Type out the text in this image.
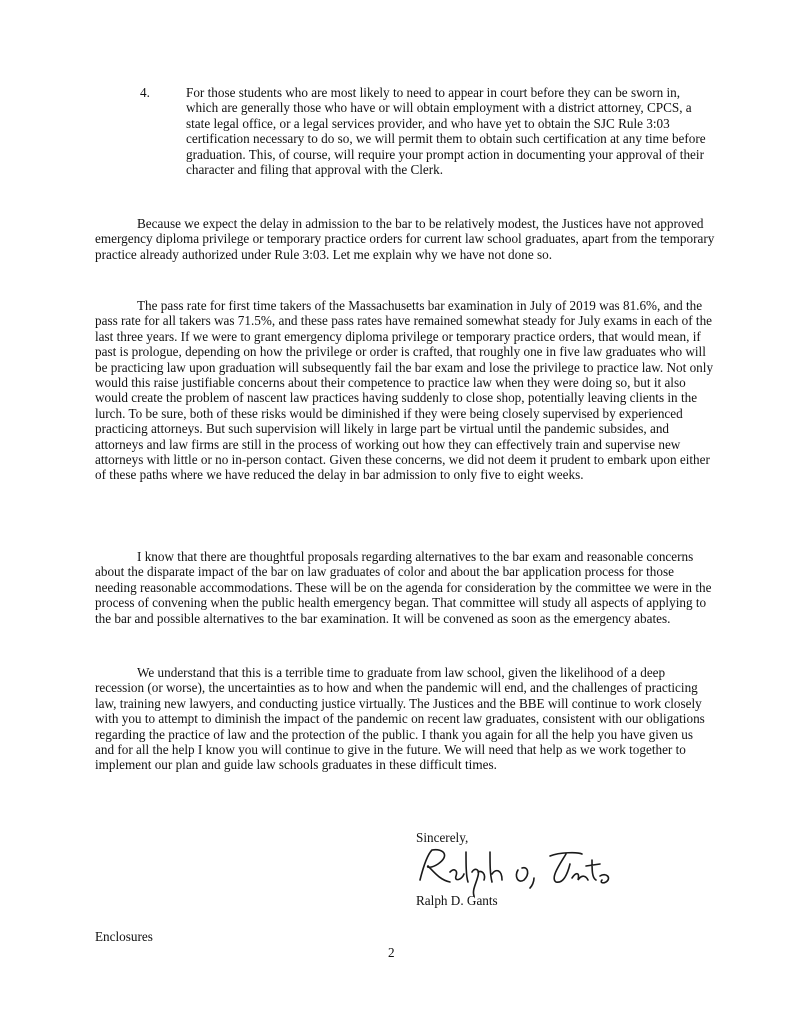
4.	For those students who are most likely to need to appear in court before they can be sworn in, which are generally those who have or will obtain employment with a district attorney, CPCS, a state legal office, or a legal services provider, and who have yet to obtain the SJC Rule 3:03 certification necessary to do so, we will permit them to obtain such certification at any time before graduation. This, of course, will require your prompt action in documenting your approval of their character and filing that approval with the Clerk.

Because we expect the delay in admission to the bar to be relatively modest, the Justices have not approved emergency diploma privilege or temporary practice orders for current law school graduates, apart from the temporary practice already authorized under Rule 3:03. Let me explain why we have not done so.

The pass rate for first time takers of the Massachusetts bar examination in July of 2019 was 81.6%, and the pass rate for all takers was 71.5%, and these pass rates have remained somewhat steady for July exams in each of the last three years. If we were to grant emergency diploma privilege or temporary practice orders, that would mean, if past is prologue, depending on how the privilege or order is crafted, that roughly one in five law graduates who will be practicing law upon graduation will subsequently fail the bar exam and lose the privilege to practice law. Not only would this raise justifiable concerns about their competence to practice law when they were doing so, but it also would create the problem of nascent law practices having suddenly to close shop, potentially leaving clients in the lurch. To be sure, both of these risks would be diminished if they were being closely supervised by experienced practicing attorneys. But such supervision will likely in large part be virtual until the pandemic subsides, and attorneys and law firms are still in the process of working out how they can effectively train and supervise new attorneys with little or no in-person contact. Given these concerns, we did not deem it prudent to embark upon either of these paths where we have reduced the delay in bar admission to only five to eight weeks.

I know that there are thoughtful proposals regarding alternatives to the bar exam and reasonable concerns about the disparate impact of the bar on law graduates of color and about the bar application process for those needing reasonable accommodations. These will be on the agenda for consideration by the committee we were in the process of convening when the public health emergency began. That committee will study all aspects of applying to the bar and possible alternatives to the bar examination. It will be convened as soon as the emergency abates.

We understand that this is a terrible time to graduate from law school, given the likelihood of a deep recession (or worse), the uncertainties as to how and when the pandemic will end, and the challenges of practicing law, training new lawyers, and conducting justice virtually. The Justices and the BBE will continue to work closely with you to attempt to diminish the impact of the pandemic on recent law graduates, consistent with our obligations regarding the practice of law and the protection of the public. I thank you again for all the help you have given us and for all the help I know you will continue to give in the future. We will need that help as we work together to implement our plan and guide law schools graduates in these difficult times.

Sincerely,
Ralph D. Gants
Enclosures
2
